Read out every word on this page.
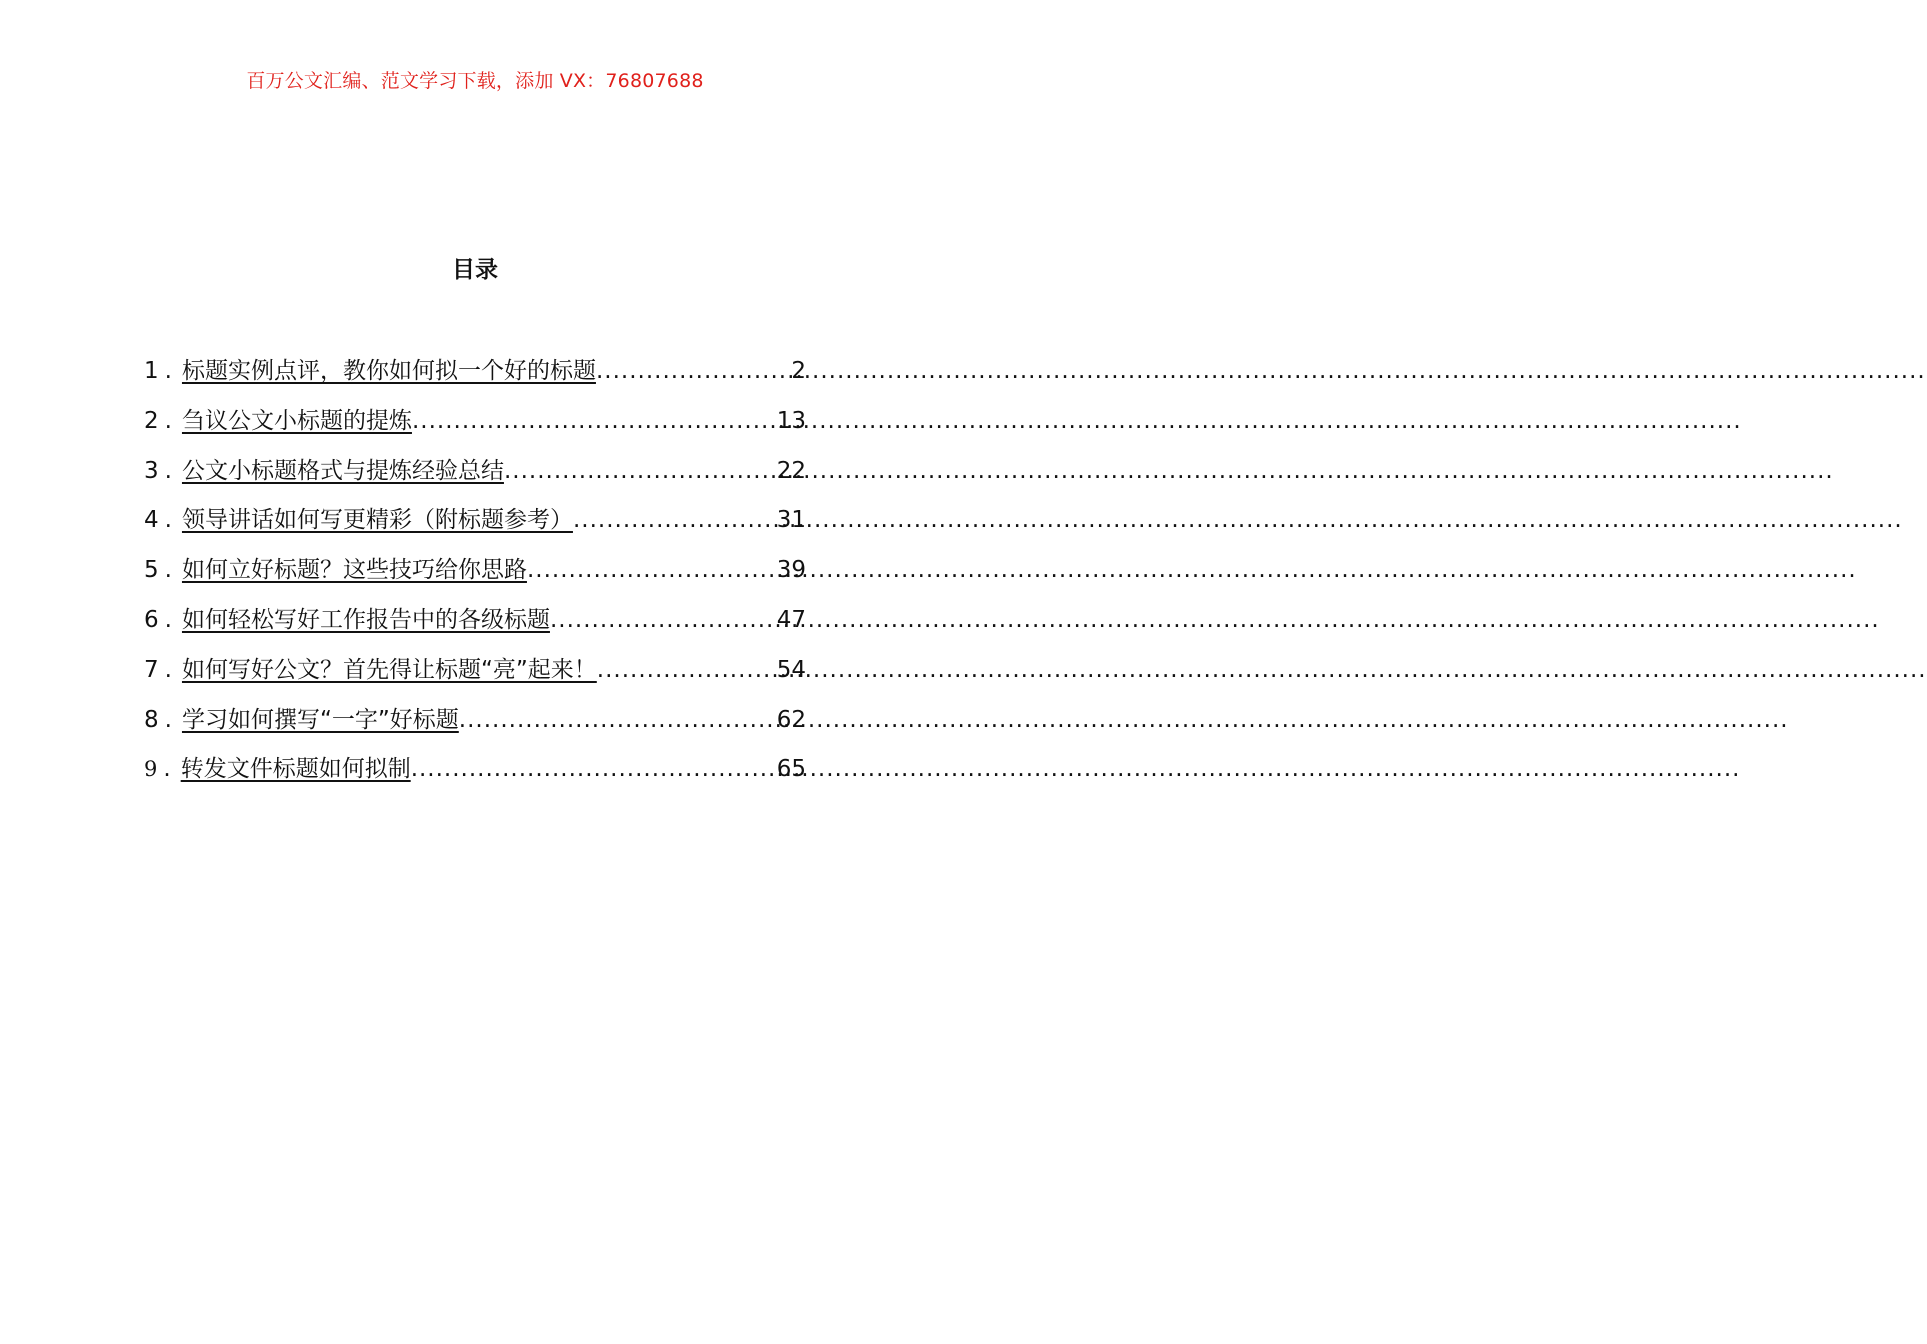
百万公文汇编、范文学习下载，添加 VX：76807688
目录
1 . 标题实例点评，教你如何拟一个好的标题 .....	2
2 . 刍议公文小标题的提炼 .....	13
3 . 公文小标题格式与提炼经验总结 .....	22
4 . 领导讲话如何写更精彩（附标题参考） .....	31
5 . 如何立好标题？这些技巧给你思路 .....	39
6 . 如何轻松写好工作报告中的各级标题 .....	47
7 . 如何写好公文？首先得让标题“亮”起来！ .....	54
8 . 学习如何撰写“一字”好标题 .....	62
9 . 转发文件标题如何拟制 .....	65
